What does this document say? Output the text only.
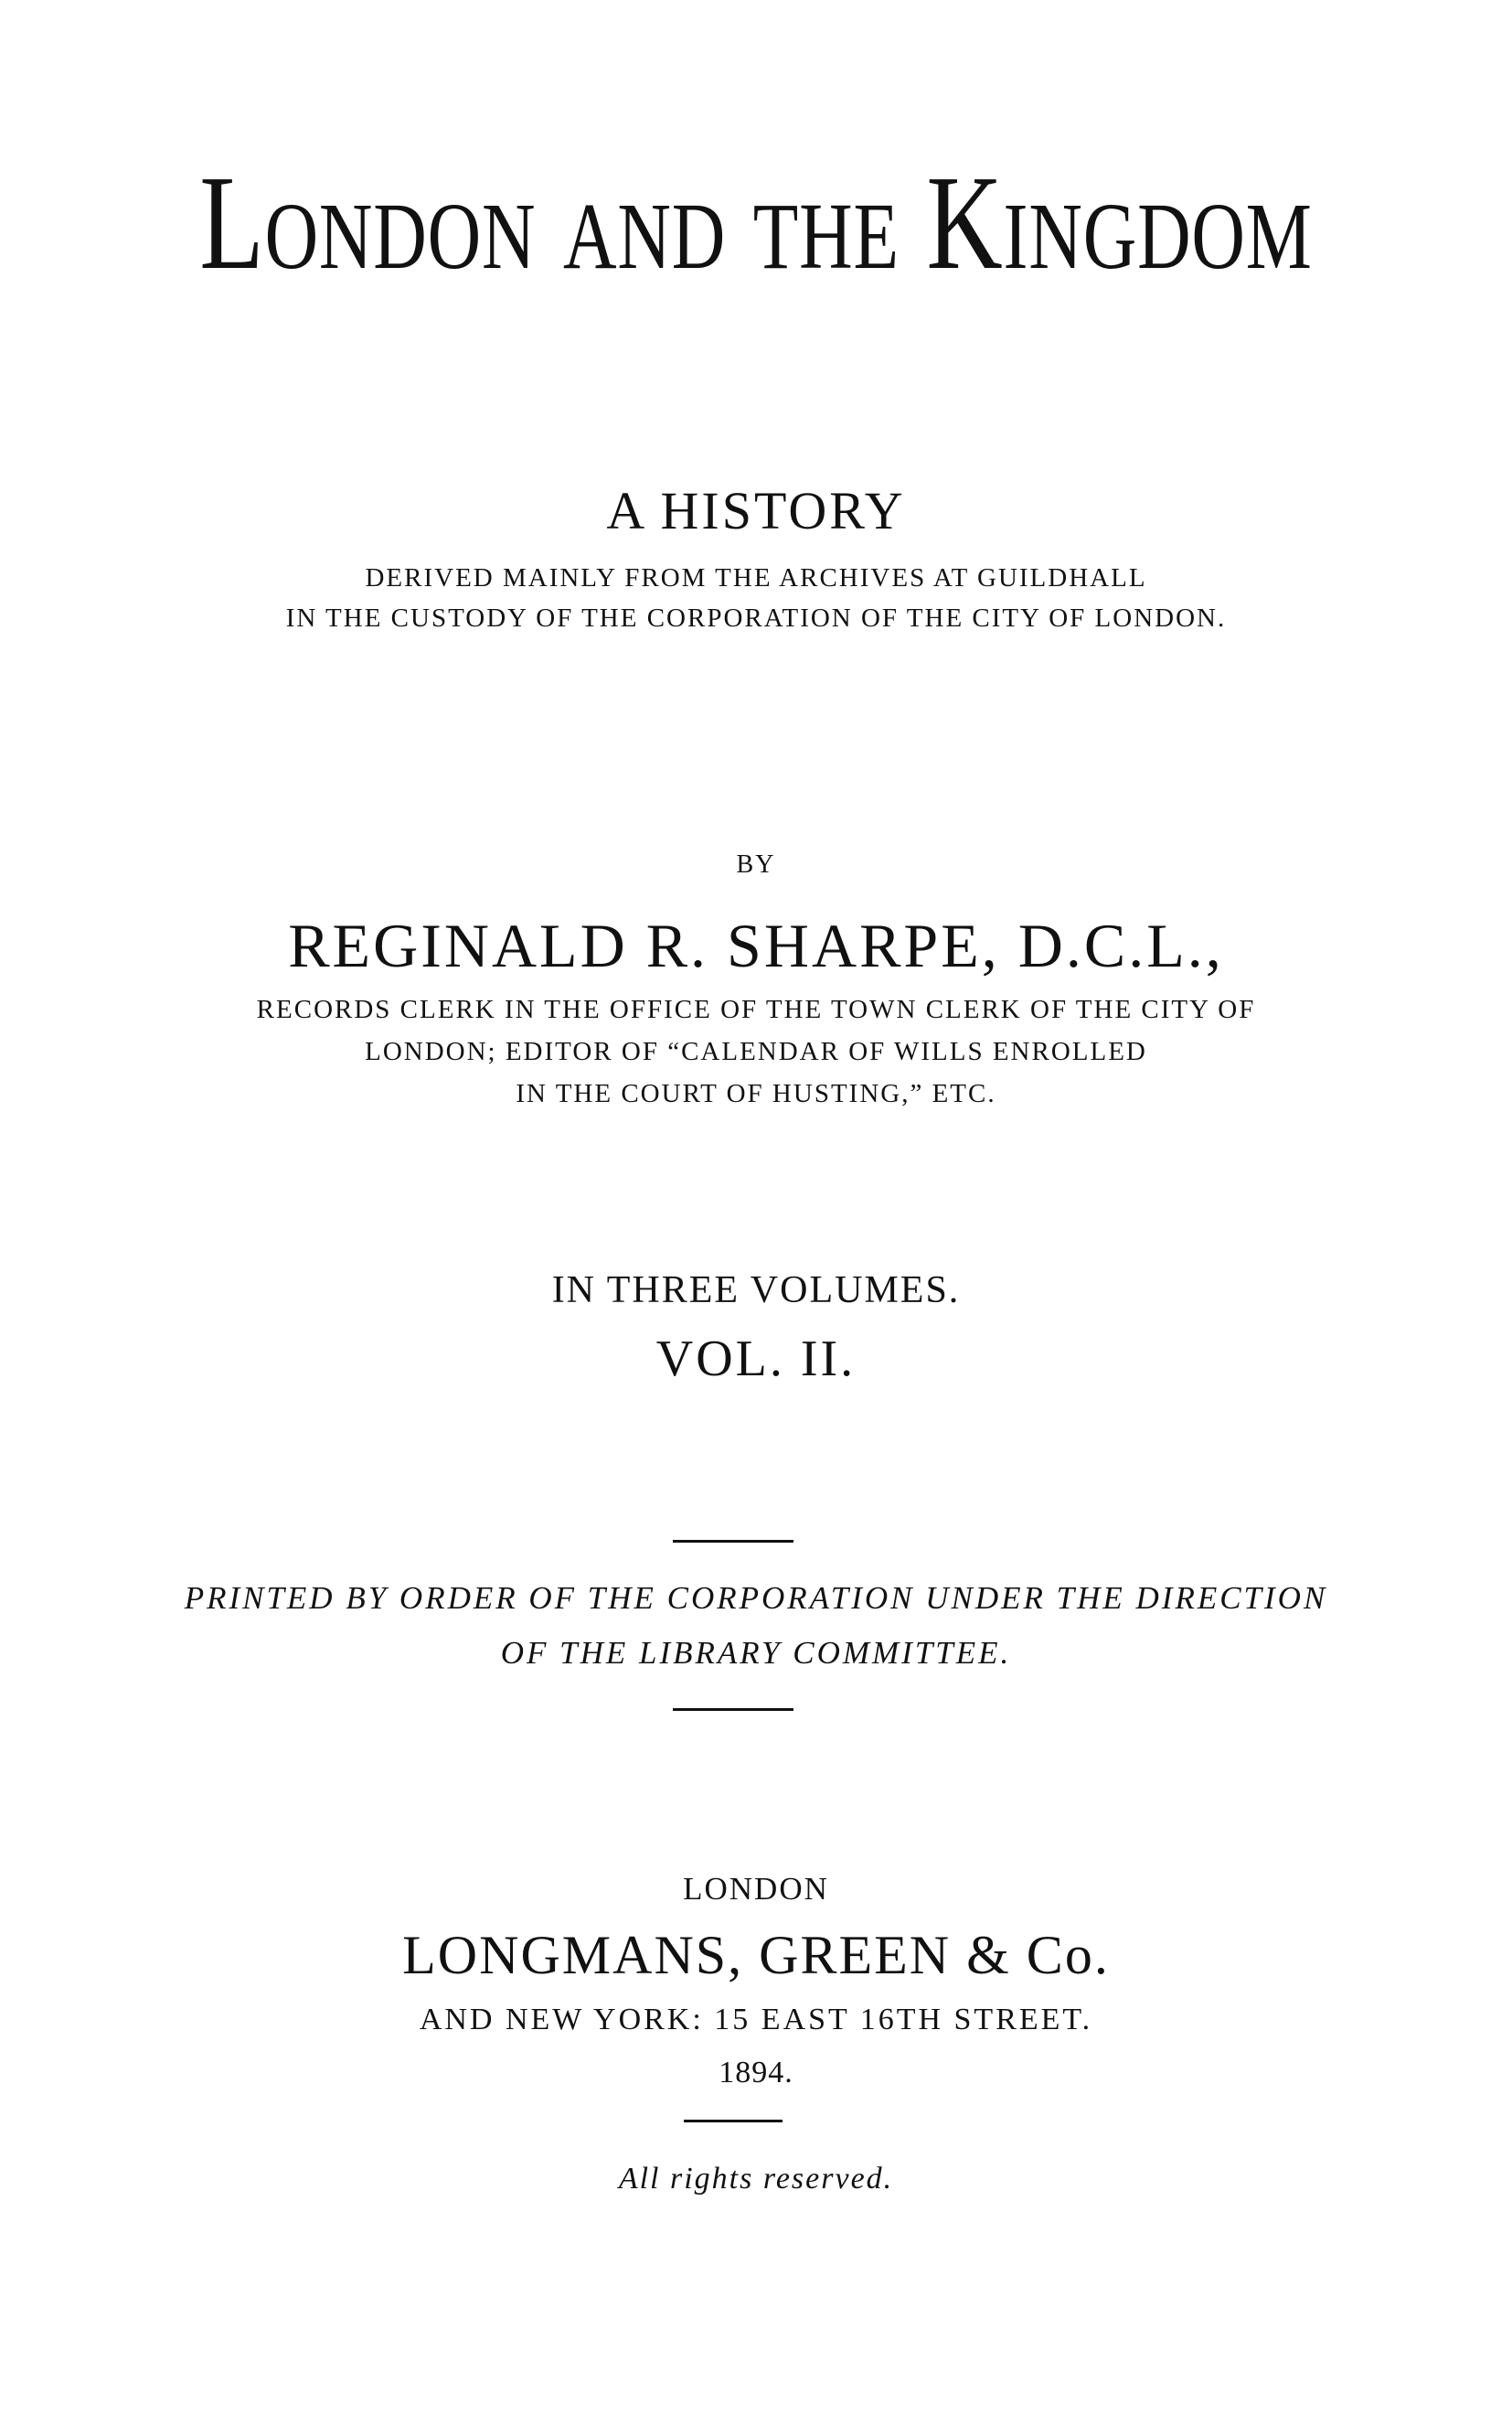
London and the Kingdom
A HISTORY
DERIVED MAINLY FROM THE ARCHIVES AT GUILDHALL
IN THE CUSTODY OF THE CORPORATION OF THE CITY OF LONDON.
BY
REGINALD R. SHARPE, D.C.L.,
RECORDS CLERK IN THE OFFICE OF THE TOWN CLERK OF THE CITY OF
LONDON; EDITOR OF “CALENDAR OF WILLS ENROLLED
IN THE COURT OF HUSTING,” ETC.
IN THREE VOLUMES.
VOL. II.
PRINTED BY ORDER OF THE CORPORATION UNDER THE DIRECTION
OF THE LIBRARY COMMITTEE.
LONDON
LONGMANS, GREEN & Co.
AND NEW YORK: 15 EAST 16TH STREET.
1894.
All rights reserved.
